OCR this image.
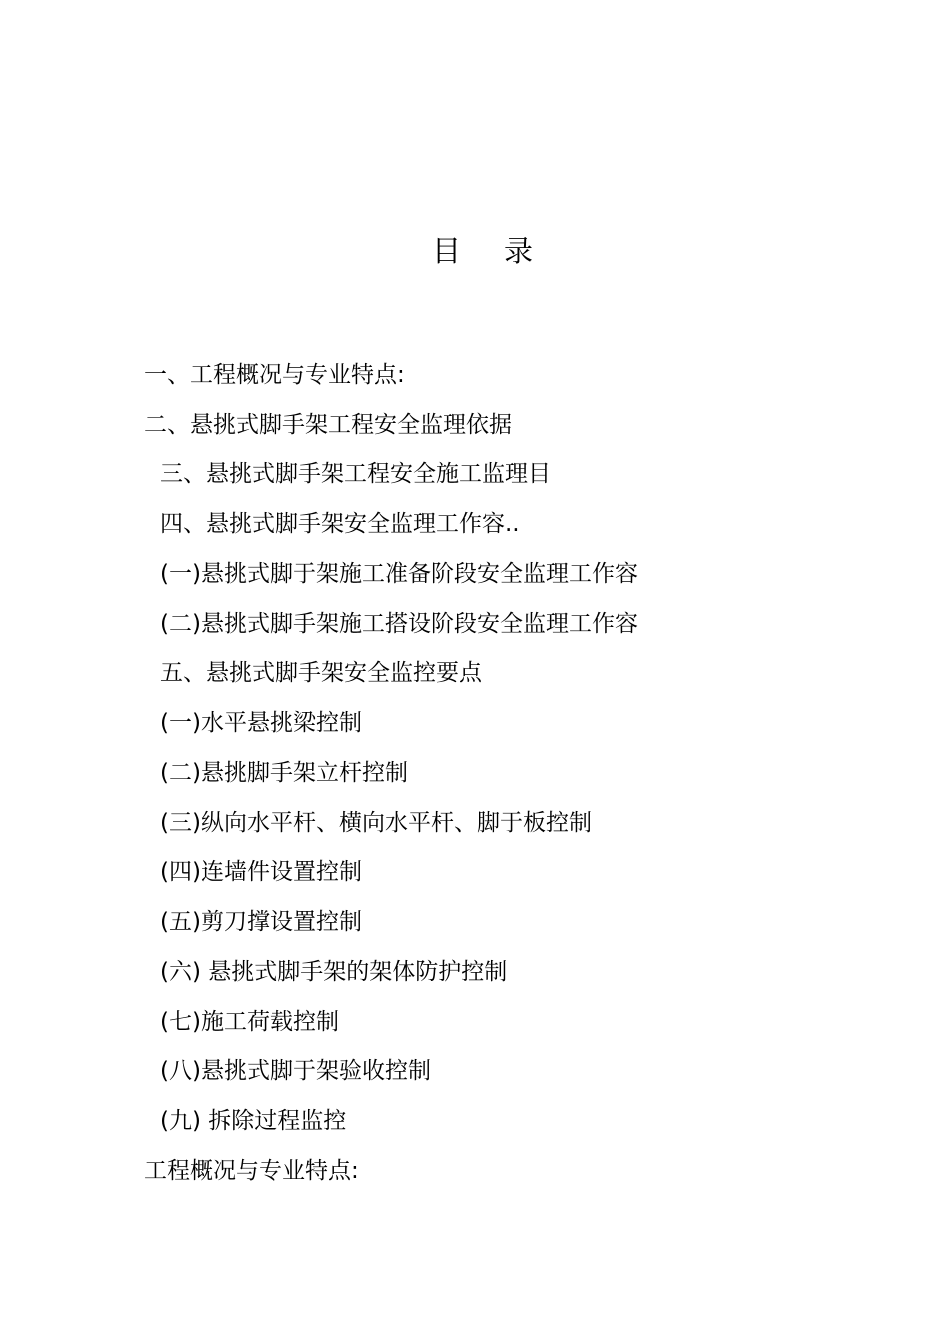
目 录
一、工程概况与专业特点:
二、悬挑式脚手架工程安全监理依据
三、悬挑式脚手架工程安全施工监理目
四、悬挑式脚手架安全监理工作容..
(一)悬挑式脚于架施工准备阶段安全监理工作容
(二)悬挑式脚手架施工搭设阶段安全监理工作容
五、悬挑式脚手架安全监控要点
(一)水平悬挑梁控制
(二)悬挑脚手架立杆控制
(三)纵向水平杆、横向水平杆、脚于板控制
(四)连墙件设置控制
(五)剪刀撑设置控制
(六) 悬挑式脚手架的架体防护控制
(七)施工荷载控制
(八)悬挑式脚于架验收控制
(九) 拆除过程监控
工程概况与专业特点:
